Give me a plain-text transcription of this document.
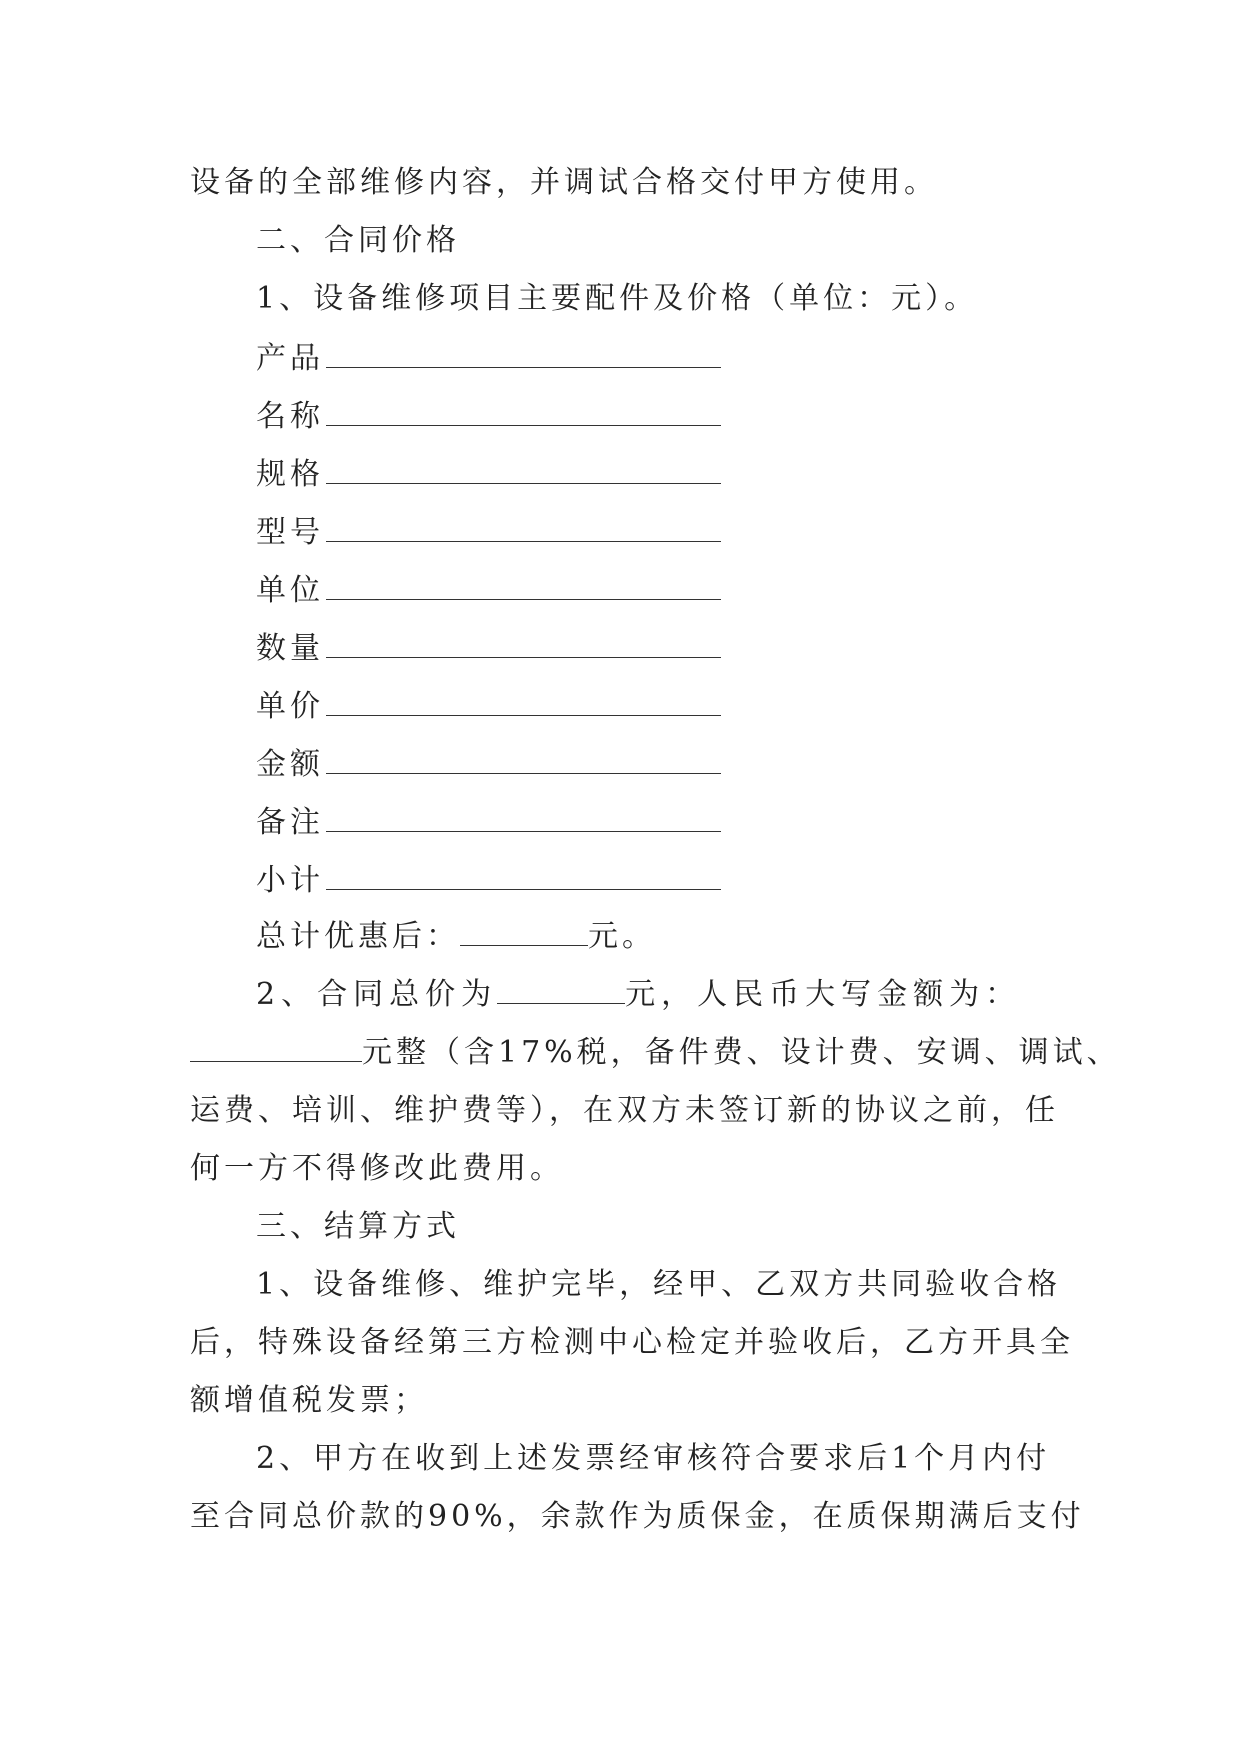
设备的全部维修内容，并调试合格交付甲方使用。
二、合同价格
1、设备维修项目主要配件及价格（单位：元）。
产品
名称
规格
型号
单位
数量
单价
金额
备注
小计
总计优惠后：	元。
2、合同总价为	元，人民币大写金额为：
元整（含17%税，备件费、设计费、安调、调试、
运费、培训、维护费等），在双方未签订新的协议之前，任
何一方不得修改此费用。
三、结算方式
1、设备维修、维护完毕，经甲、乙双方共同验收合格
后，特殊设备经第三方检测中心检定并验收后，乙方开具全
额增值税发票；
2、甲方在收到上述发票经审核符合要求后1个月内付
至合同总价款的90%，余款作为质保金，在质保期满后支付
